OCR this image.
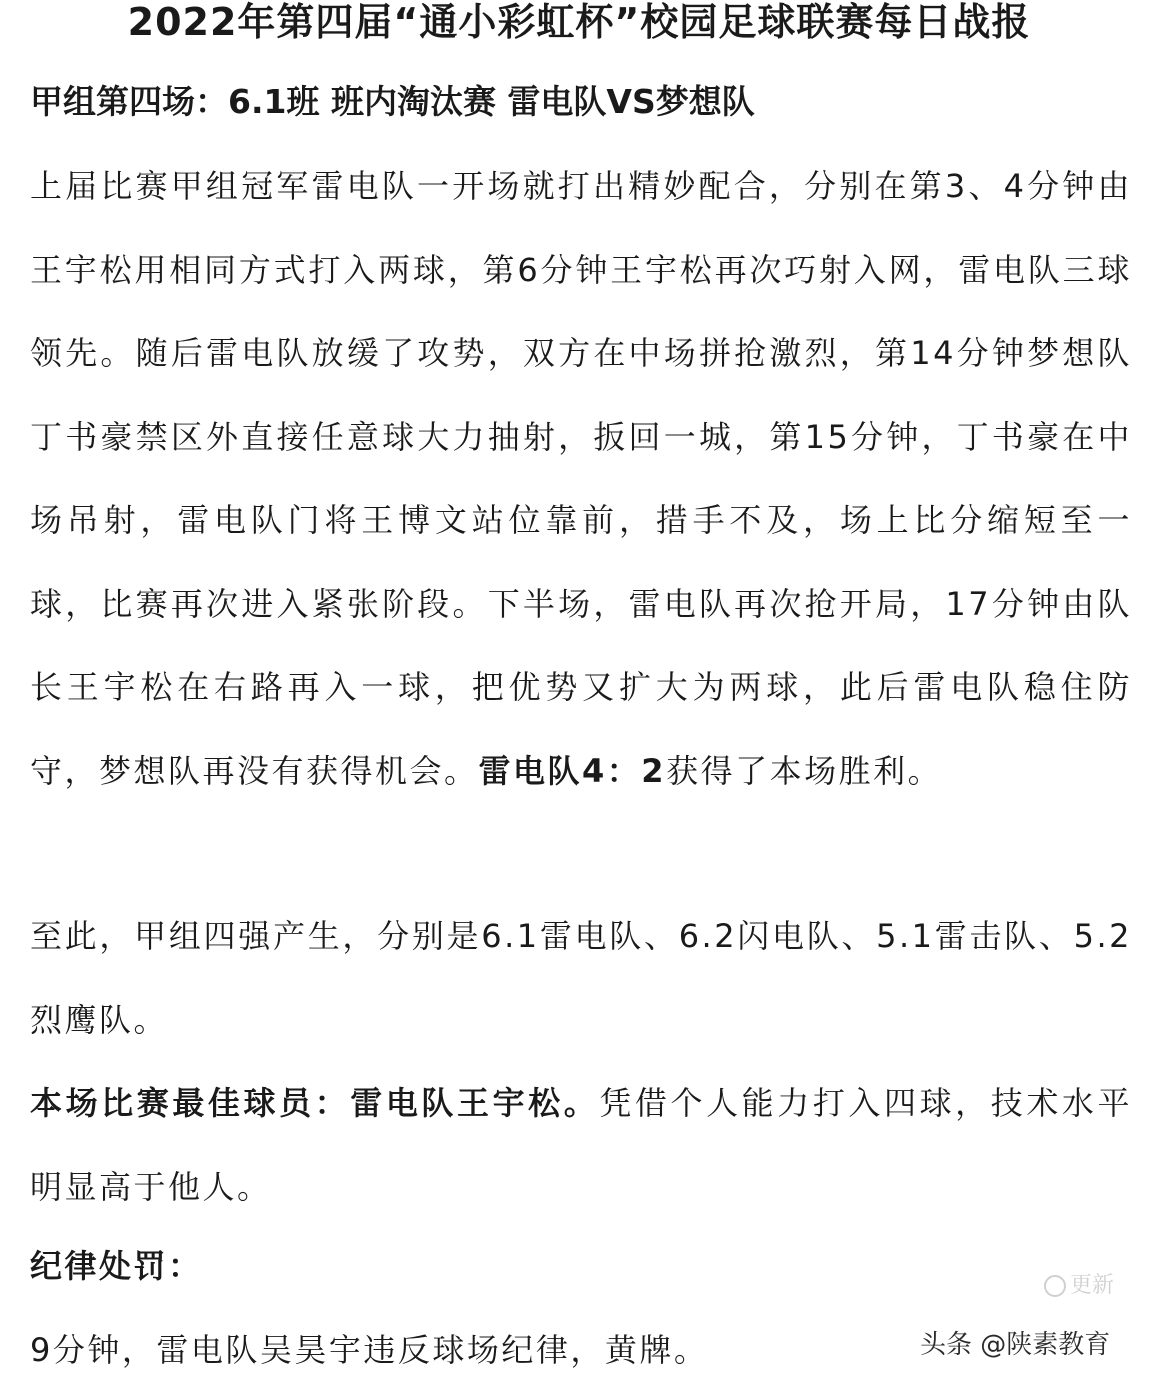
2022年第四届“通小彩虹杯”校园足球联赛每日战报
甲组第四场：6.1班 班内淘汰赛 雷电队VS梦想队

上届比赛甲组冠军雷电队一开场就打出精妙配合，分别在第3、4分钟由王宇松用相同方式打入两球，第6分钟王宇松再次巧射入网，雷电队三球领先。随后雷电队放缓了攻势，双方在中场拼抢激烈，第14分钟梦想队丁书豪禁区外直接任意球大力抽射，扳回一城，第15分钟，丁书豪在中场吊射，雷电队门将王博文站位靠前，措手不及，场上比分缩短至一球，比赛再次进入紧张阶段。下半场，雷电队再次抢开局，17分钟由队长王宇松在右路再入一球，把优势又扩大为两球，此后雷电队稳住防守，梦想队再没有获得机会。雷电队4：2获得了本场胜利。

至此，甲组四强产生，分别是6.1雷电队、6.2闪电队、5.1雷击队、5.2烈鹰队。

本场比赛最佳球员：雷电队王宇松。凭借个人能力打入四球，技术水平明显高于他人。

纪律处罚：
9分钟，雷电队吴昊宇违反球场纪律，黄牌。
更新
头条 @陕素教育
